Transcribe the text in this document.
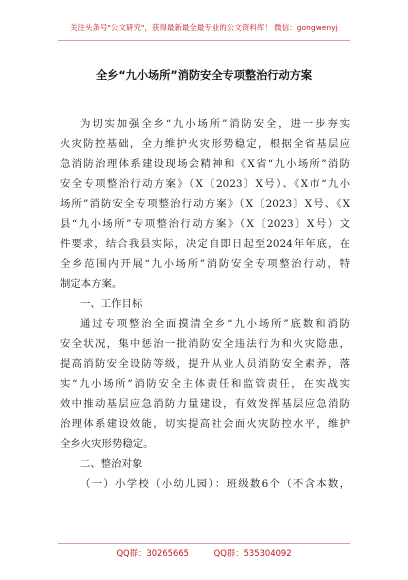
关注头条号"公文研究"，获得最新最全最专业的公文资料库！ 微信：gongwenyj
全乡“九小场所”消防安全专项整治行动方案
为切实加强全乡“九小场所”消防安全，进一步夯实
火灾防控基础，全力维护火灾形势稳定，根据全省基层应
急消防治理体系建设现场会精神和《X省“九小场所”消防
安全专项整治行动方案》（X〔2023〕X号）、《X市“九小
场所”消防安全专项整治行动方案》（X〔2023〕X号、《X
县“九小场所”专项整治行动方案》（X〔2023〕X号）文
件要求，结合我县实际，决定自即日起至2024年年底，在
全乡范围内开展“九小场所”消防安全专项整治行动，特
制定本方案。
一、工作目标
通过专项整治全面摸清全乡“九小场所”底数和消防
安全状况，集中惩治一批消防安全违法行为和火灾隐患，
提高消防安全设防等级，提升从业人员消防安全素养，落
实“九小场所”消防安全主体责任和监管责任，在实战实
效中推动基层应急消防力量建设，有效发挥基层应急消防
治理体系建设效能，切实提高社会面火灾防控水平，维护
全乡火灾形势稳定。
二、整治对象
（一）小学校（小幼儿园）：班级数6个（不含本数，
QQ群：30265665 QQ群：535304092
